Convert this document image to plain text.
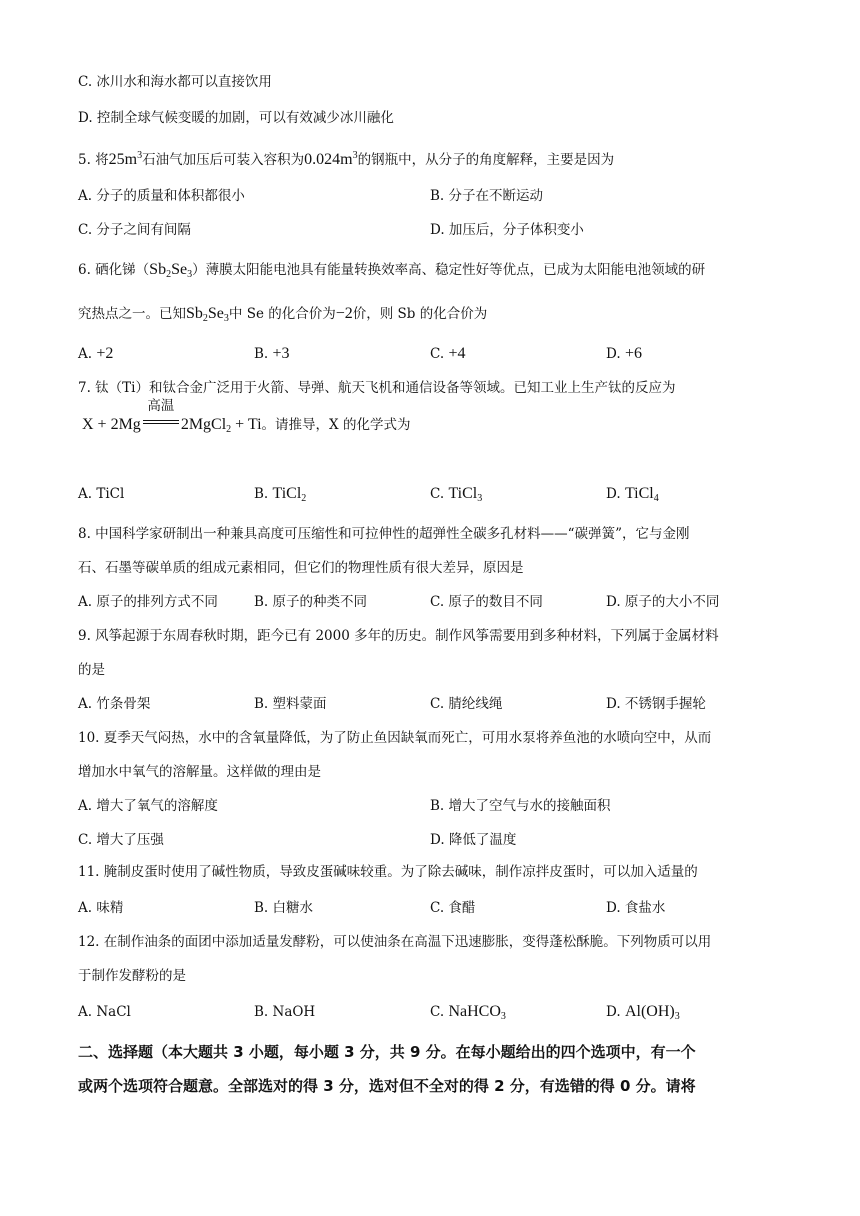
C. 冰川水和海水都可以直接饮用
D. 控制全球气候变暖的加剧，可以有效减少冰川融化
5. 将$25m^3$石油气加压后可装入容积为$0.024m^3$的钢瓶中，从分子的角度解释，主要是因为
A. 分子的质量和体积都很小	B. 分子在不断运动
C. 分子之间有间隔	D. 加压后，分子体积变小
6. 硒化锑$(Sb_2Se_3)$薄膜太阳能电池具有能量转换效率高、稳定性好等优点，已成为太阳能电池领域的研
究热点之一。已知$Sb_2Se_3$中 Se 的化合价为−2价，则 Sb 的化合价为
A. +2	B. +3	C. +4	D. +6
7. 钛（Ti）和钛合金广泛用于火箭、导弹、航天飞机和通信设备等领域。已知工业上生产钛的反应为
X + 2Mg
高温
2MgCl$_2$ + Ti。请推导，X 的化学式为
A. TiCl	B. TiCl$_2$	C. TiCl$_3$	D. TiCl$_4$
8. 中国科学家研制出一种兼具高度可压缩性和可拉伸性的超弹性全碳多孔材料——“碳弹簧”，它与金刚
石、石墨等碳单质的组成元素相同，但它们的物理性质有很大差异，原因是
A. 原子的排列方式不同	B. 原子的种类不同	C. 原子的数目不同	D. 原子的大小不同
9. 风筝起源于东周春秋时期，距今已有 2000 多年的历史。制作风筝需要用到多种材料，下列属于金属材料
的是
A. 竹条骨架	B. 塑料蒙面	C. 腈纶线绳	D. 不锈钢手握轮
10. 夏季天气闷热，水中的含氧量降低，为了防止鱼因缺氧而死亡，可用水泵将养鱼池的水喷向空中，从而
增加水中氧气的溶解量。这样做的理由是
A. 增大了氧气的溶解度	B. 增大了空气与水的接触面积
C. 增大了压强	D. 降低了温度
11. 腌制皮蛋时使用了碱性物质，导致皮蛋碱味较重。为了除去碱味，制作凉拌皮蛋时，可以加入适量的
A. 味精	B. 白糖水	C. 食醋	D. 食盐水
12. 在制作油条的面团中添加适量发酵粉，可以使油条在高温下迅速膨胀，变得蓬松酥脆。下列物质可以用
于制作发酵粉的是
A. NaCl	B. NaOH	C. NaHCO$_3$	D. $Al(OH)_3$
二、选择题（本大题共 3 小题，每小题 3 分，共 9 分。在每小题给出的四个选项中，有一个
或两个选项符合题意。全部选对的得 3 分，选对但不全对的得 2 分，有选错的得 0 分。请将
